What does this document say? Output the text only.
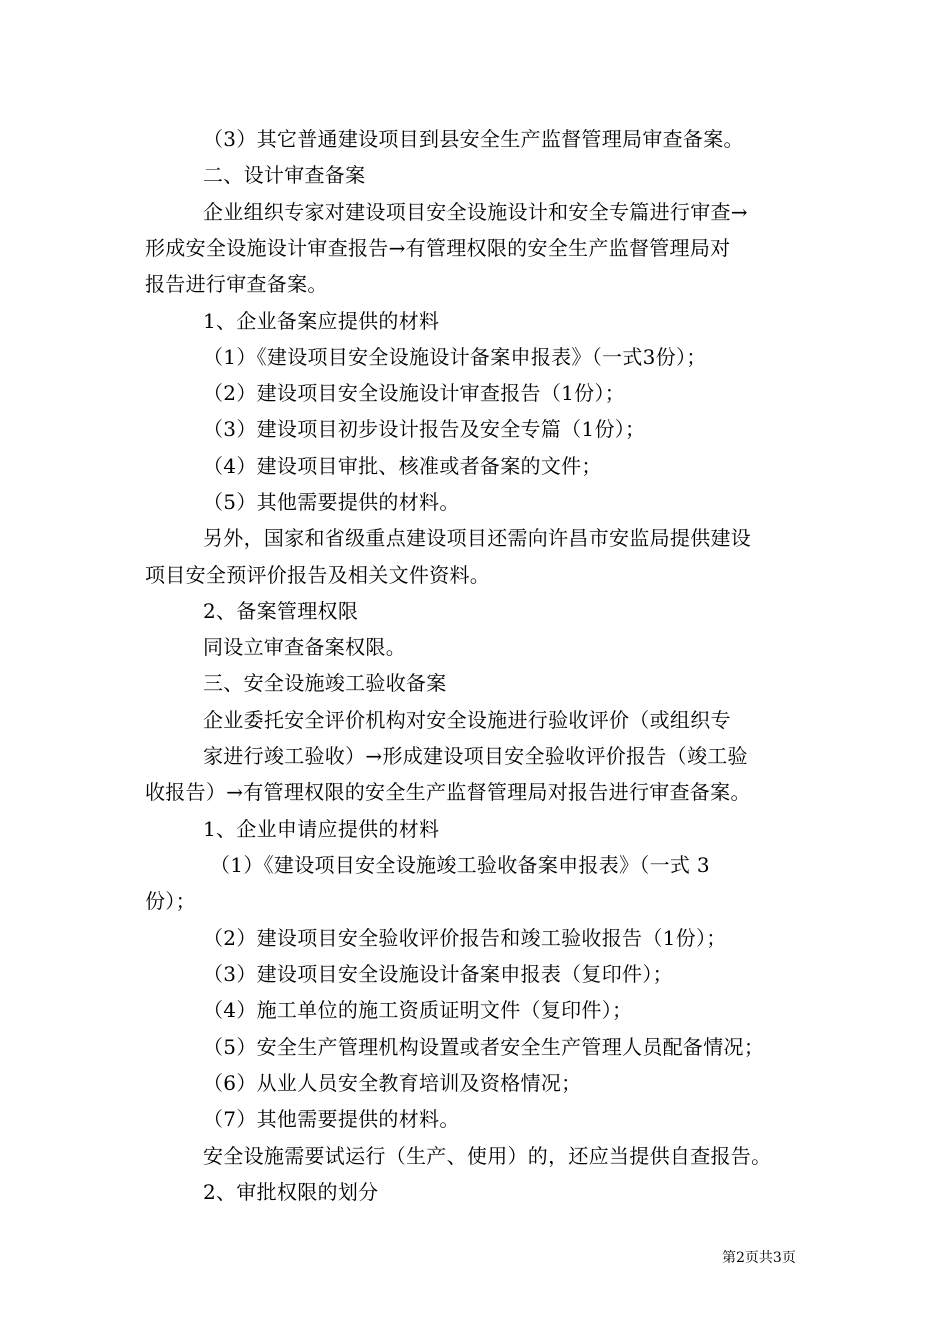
（3）其它普通建设项目到县安全生产监督管理局审查备案。
二、设计审查备案
企业组织专家对建设项目安全设施设计和安全专篇进行审查→
形成安全设施设计审查报告→有管理权限的安全生产监督管理局对
报告进行审查备案。
1、企业备案应提供的材料
（1）《建设项目安全设施设计备案申报表》（一式3份）；
（2）建设项目安全设施设计审查报告（1份）；
（3）建设项目初步设计报告及安全专篇（1份）；
（4）建设项目审批、核准或者备案的文件；
（5）其他需要提供的材料。
另外，国家和省级重点建设项目还需向许昌市安监局提供建设
项目安全预评价报告及相关文件资料。
2、备案管理权限
同设立审查备案权限。
三、安全设施竣工验收备案
企业委托安全评价机构对安全设施进行验收评价（或组织专
家进行竣工验收）→形成建设项目安全验收评价报告（竣工验
收报告）→有管理权限的安全生产监督管理局对报告进行审查备案。
1、企业申请应提供的材料
（1）《建设项目安全设施竣工验收备案申报表》（一式 3
份）；
（2）建设项目安全验收评价报告和竣工验收报告（1份）；
（3）建设项目安全设施设计备案申报表（复印件）；
（4）施工单位的施工资质证明文件（复印件）；
（5）安全生产管理机构设置或者安全生产管理人员配备情况；
（6）从业人员安全教育培训及资格情况；
（7）其他需要提供的材料。
安全设施需要试运行（生产、使用）的，还应当提供自查报告。
2、审批权限的划分
第2页共3页
